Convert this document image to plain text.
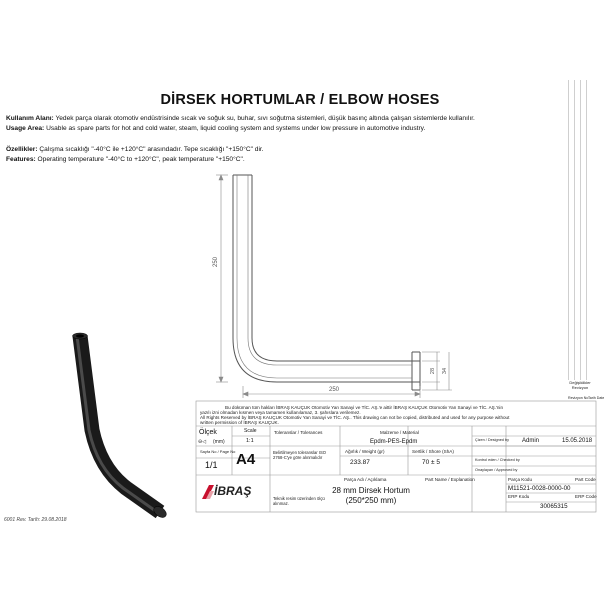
DİRSEK HORTUMLAR / ELBOW HOSES
Kullanım Alanı: Yedek parça olarak otomotiv endüstrisinde sıcak ve soğuk su, buhar, sıvı soğutma sistemleri, düşük basınç altında çalışan sistemlerde kullanılır.
Usage Area: Usable as spare parts for hot and cold water, steam, liquid cooling system and systems under low pressure in automotive industry.
Özellikler: Çalışma sıcaklığı "-40°C ile +120°C" arasındadır. Tepe sıcaklığı "+150°C" dir.
Features: Operating temperature "-40°C to +120°C", peak temperature "+150°C".
250
250
28 34
Değişiklikler Revizyon
Revizyon No Tarih Date
Bu doküman tüm hakları İBRAŞ KAUÇUK Otomotiv Yan Sanayi ve TİC. AŞ.'e aittir İBRAŞ KAUÇUK Otomotiv Yan Sanayi ve TİC. AŞ.'nin
yazılı izni olmadan kısmen veya tamamen kullanılamaz, 3. şahıslara verilemez.
All Rights Reserved by İBRAŞ KAUÇUK Otomotiv Yan Sanayi ve TİC. AŞ.. This drawing can not be copied, distributed and used for any purpose without
written permission of İBRAŞ KAUÇUK.
Ölçek
⊖◁ (mm)
Scale
1:1
Sayfa No / Page No
1/1 A4
Toleranslar / Tolerances
Belirtilmeyen toleranslar ISO 2768-C'ye göre alınmalıdır
Malzeme / Material
Epdm-PES-Epdm
Ağırlık / Weight (gr)
233.87
Sertlik / Shore (ShA)
70 ± 5
Çizen / Designed by Admin	15.05.2018
Kontrol eden / Checked by
Onaylayan / Approved by
Parça Adı / Açıklama	Part Name / Explanation
28 mm Dirsek Hortum
(250*250 mm)
Parça Kodu	Part Code
M11521-0028-0000-00
ERP Kodu	ERP Code
30065315
İBRAŞ
Teknik resim üzerinden ölçü alınmaz.
6001 Rev. Tarih: 29.08.2018
